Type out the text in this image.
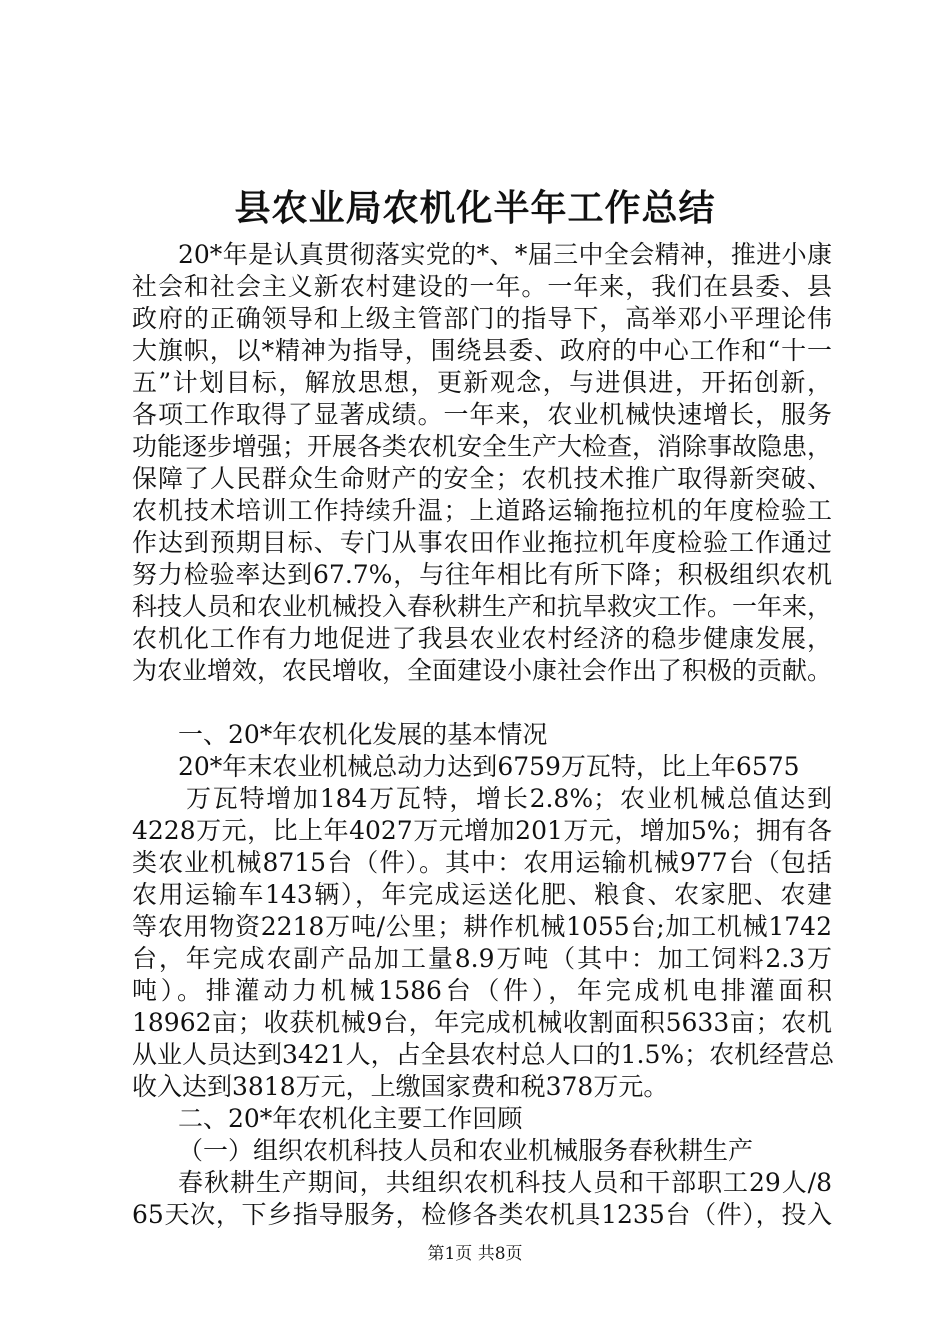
县农业局农机化半年工作总结
20*年是认真贯彻落实党的*、*届三中全会精神，推进小康
社会和社会主义新农村建设的一年。一年来，我们在县委、县
政府的正确领导和上级主管部门的指导下，高举邓小平理论伟
大旗帜，以*精神为指导，围绕县委、政府的中心工作和“十一
五”计划目标，解放思想，更新观念，与进俱进，开拓创新，
各项工作取得了显著成绩。一年来，农业机械快速增长，服务
功能逐步增强；开展各类农机安全生产大检查，消除事故隐患，
保障了人民群众生命财产的安全；农机技术推广取得新突破、
农机技术培训工作持续升温；上道路运输拖拉机的年度检验工
作达到预期目标、专门从事农田作业拖拉机年度检验工作通过
努力检验率达到67.7%，与往年相比有所下降；积极组织农机
科技人员和农业机械投入春秋耕生产和抗旱救灾工作。一年来，
农机化工作有力地促进了我县农业农村经济的稳步健康发展，
为农业增效，农民增收，全面建设小康社会作出了积极的贡献。
一、20*年农机化发展的基本情况
20*年末农业机械总动力达到6759万瓦特，比上年6575
万瓦特增加184万瓦特，增长2.8%；农业机械总值达到
4228万元，比上年4027万元增加201万元，增加5%；拥有各
类农业机械8715台（件）。其中：农用运输机械977台（包括
农用运输车143辆），年完成运送化肥、粮食、农家肥、农建
等农用物资2218万吨/公里；耕作机械1055台;加工机械1742
台，年完成农副产品加工量8.9万吨（其中：加工饲料2.3万
吨）。排灌动力机械1586台（件），年完成机电排灌面积
18962亩；收获机械9台，年完成机械收割面积5633亩；农机
从业人员达到3421人，占全县农村总人口的1.5%；农机经营总
收入达到3818万元，上缴国家费和税378万元。
二、20*年农机化主要工作回顾
（一）组织农机科技人员和农业机械服务春秋耕生产
春秋耕生产期间，共组织农机科技人员和干部职工29人/8
65天次，下乡指导服务，检修各类农机具1235台（件），投入
第1页 共8页
